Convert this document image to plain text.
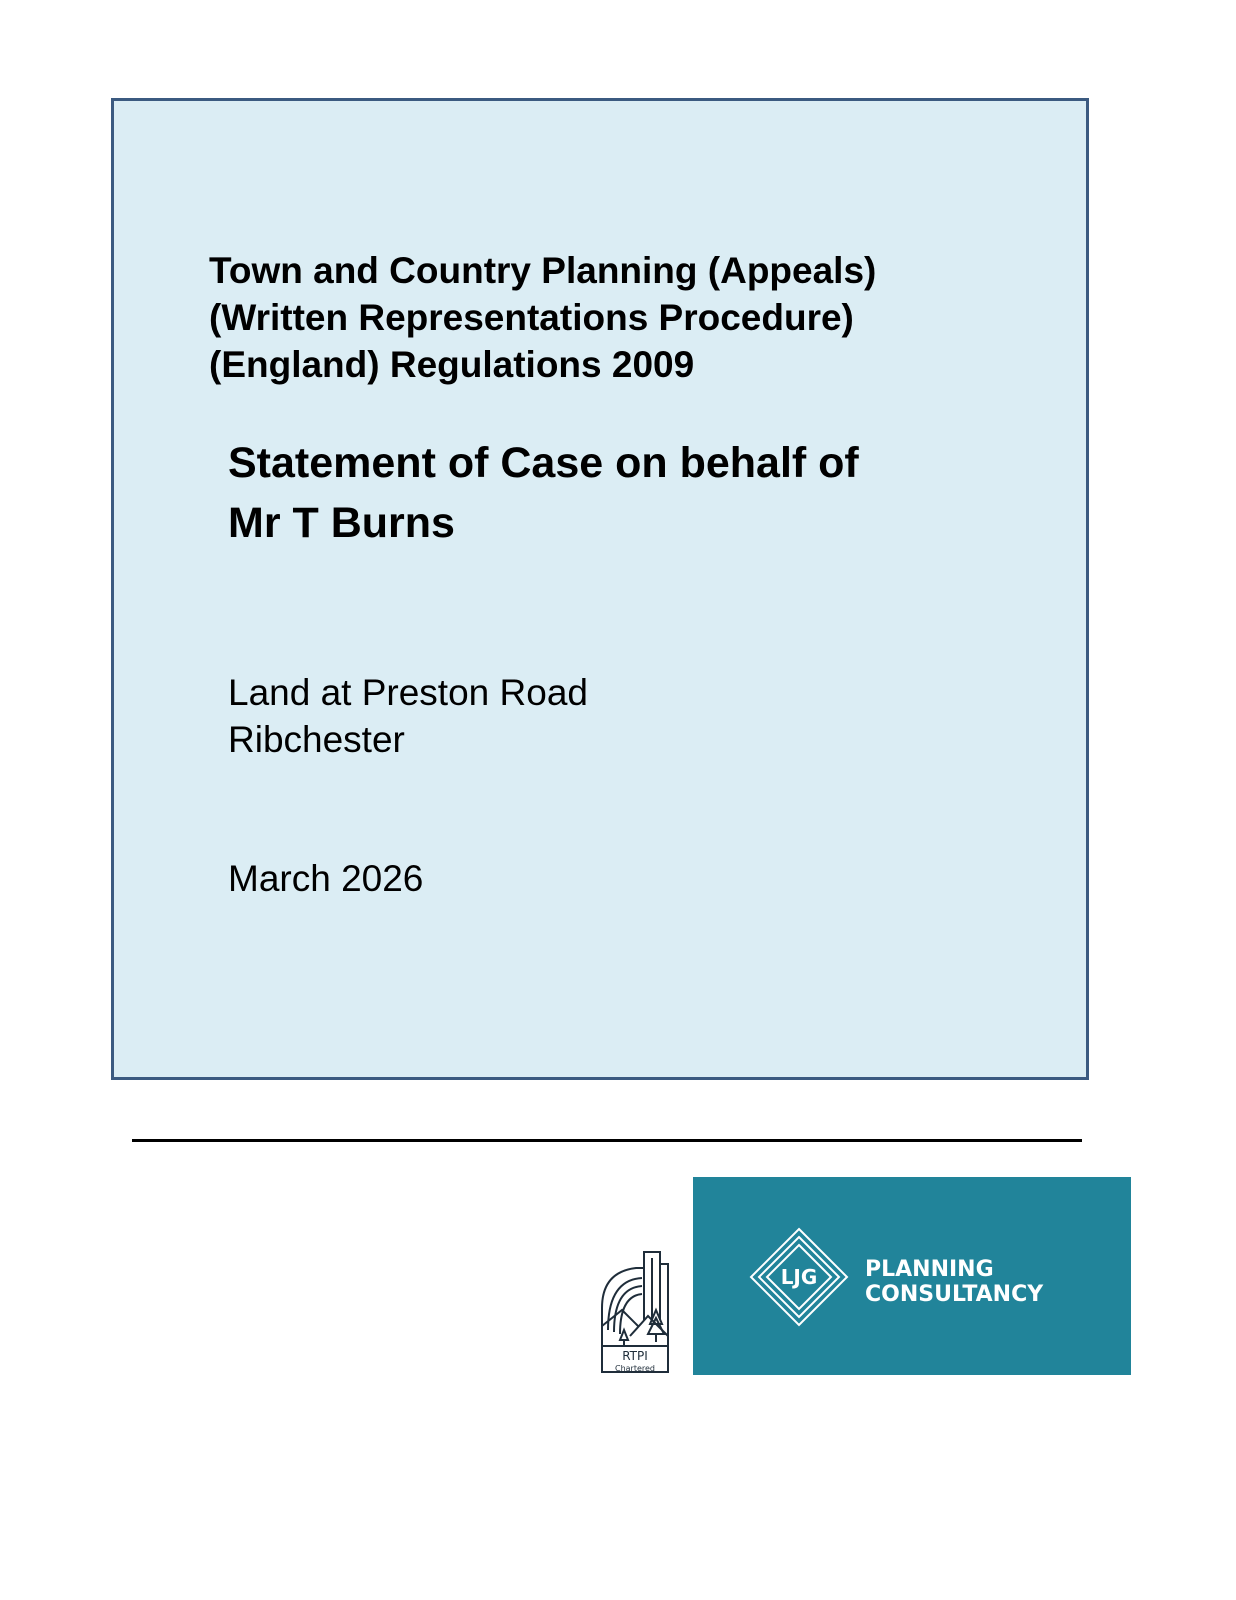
Town and Country Planning (Appeals)
(Written Representations Procedure)
(England) Regulations 2009
Statement of Case on behalf of
Mr T Burns
Land at Preston Road
Ribchester
March 2026
RTPI
Chartered
LJG PLANNING
CONSULTANCY
